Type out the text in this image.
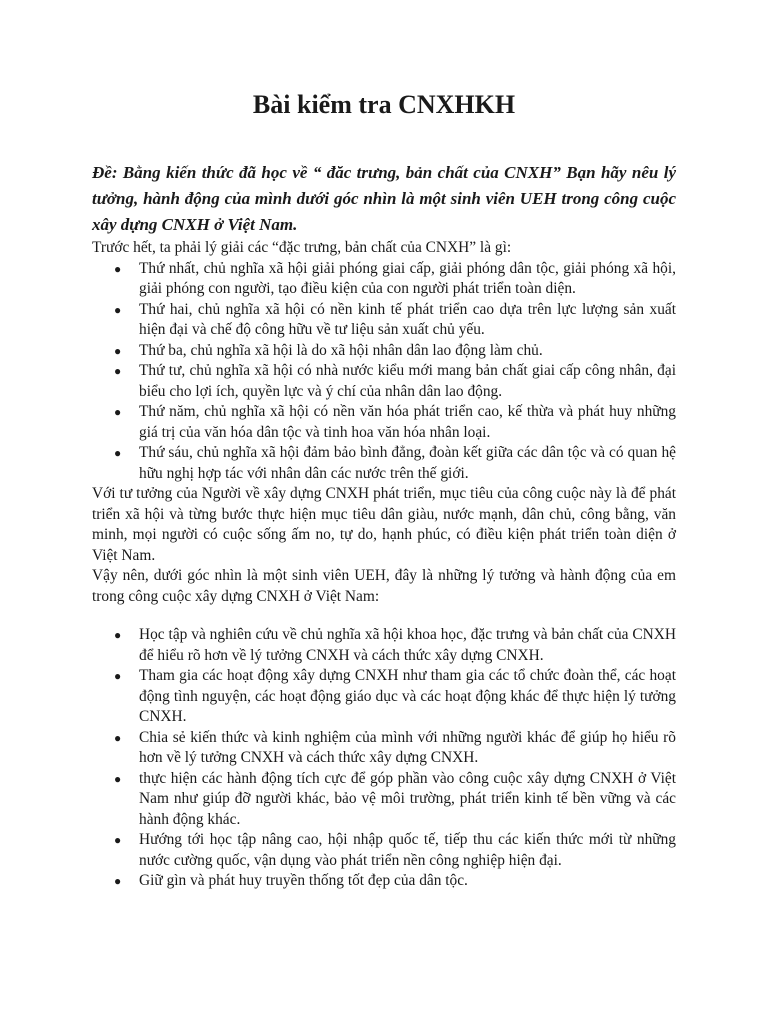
Bài kiểm tra CNXHKH

Đề: Bằng kiến thức đã học về “ đăc trưng, bản chất của CNXH” Bạn hãy nêu lý tưởng, hành động của mình dưới góc nhìn là một sinh viên UEH trong công cuộc xây dựng CNXH ở Việt Nam.

Trước hết, ta phải lý giải các “đặc trưng, bản chất của CNXH” là gì:

● Thứ nhất, chủ nghĩa xã hội giải phóng giai cấp, giải phóng dân tộc, giải phóng xã hội, giải phóng con người, tạo điều kiện của con người phát triển toàn diện.
● Thứ hai, chủ nghĩa xã hội có nền kinh tế phát triển cao dựa trên lực lượng sản xuất hiện đại và chế độ công hữu về tư liệu sản xuất chủ yếu.
● Thứ ba, chủ nghĩa xã hội là do xã hội nhân dân lao động làm chủ.
● Thứ tư, chủ nghĩa xã hội có nhà nước kiểu mới mang bản chất giai cấp công nhân, đại biểu cho lợi ích, quyền lực và ý chí của nhân dân lao động.
● Thứ năm, chủ nghĩa xã hội có nền văn hóa phát triển cao, kế thừa và phát huy những giá trị của văn hóa dân tộc và tinh hoa văn hóa nhân loại.
● Thứ sáu, chủ nghĩa xã hội đảm bảo bình đẳng, đoàn kết giữa các dân tộc và có quan hệ hữu nghị hợp tác với nhân dân các nước trên thế giới.

Với tư tưởng của Người về xây dựng CNXH phát triển, mục tiêu của công cuộc này là để phát triển xã hội và từng bước thực hiện mục tiêu dân giàu, nước mạnh, dân chủ, công bằng, văn minh, mọi người có cuộc sống ấm no, tự do, hạnh phúc, có điều kiện phát triển toàn diện ở Việt Nam.

Vậy nên, dưới góc nhìn là một sinh viên UEH, đây là những lý tưởng và hành động của em trong công cuộc xây dựng CNXH ở Việt Nam:

● Học tập và nghiên cứu về chủ nghĩa xã hội khoa học, đặc trưng và bản chất của CNXH để hiểu rõ hơn về lý tưởng CNXH và cách thức xây dựng CNXH.
● Tham gia các hoạt động xây dựng CNXH như tham gia các tổ chức đoàn thể, các hoạt động tình nguyện, các hoạt động giáo dục và các hoạt động khác để thực hiện lý tưởng CNXH.
● Chia sẻ kiến thức và kinh nghiệm của mình với những người khác để giúp họ hiểu rõ hơn về lý tưởng CNXH và cách thức xây dựng CNXH.
● thực hiện các hành động tích cực để góp phần vào công cuộc xây dựng CNXH ở Việt Nam như giúp đỡ người khác, bảo vệ môi trường, phát triển kinh tế bền vững và các hành động khác.
● Hướng tới học tập nâng cao, hội nhập quốc tế, tiếp thu các kiến thức mới từ những nước cường quốc, vận dụng vào phát triển nền công nghiệp hiện đại.
● Giữ gìn và phát huy truyền thống tốt đẹp của dân tộc.
